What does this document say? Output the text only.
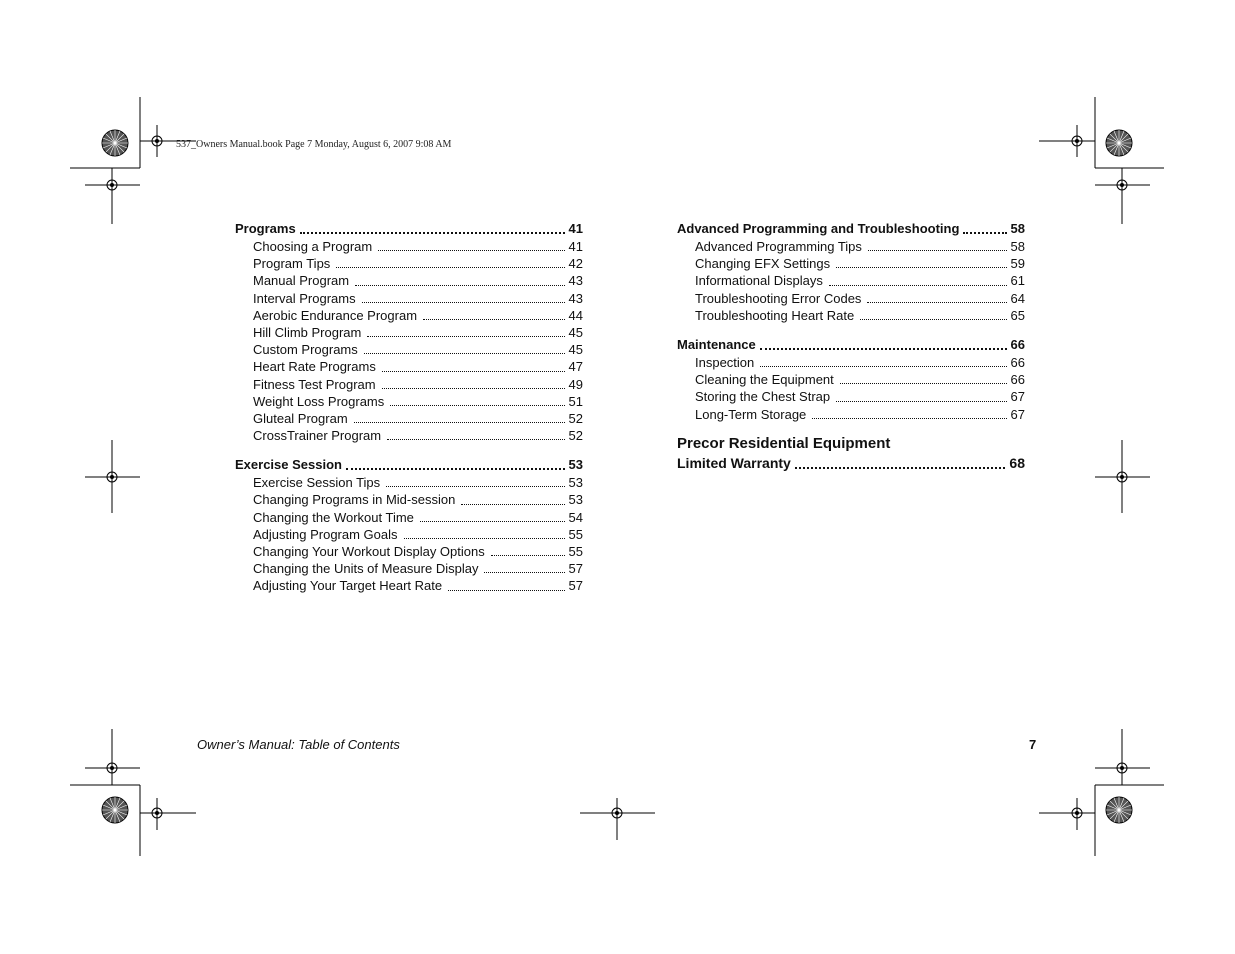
537_Owners Manual.book Page 7 Monday, August 6, 2007 9:08 AM
Programs	41
Choosing a Program	41
Program Tips	42
Manual Program	43
Interval Programs	43
Aerobic Endurance Program	44
Hill Climb Program	45
Custom Programs	45
Heart Rate Programs	47
Fitness Test Program	49
Weight Loss Programs	51
Gluteal Program	52
CrossTrainer Program	52
Exercise Session	53
Exercise Session Tips	53
Changing Programs in Mid-session	53
Changing the Workout Time	54
Adjusting Program Goals	55
Changing Your Workout Display Options	55
Changing the Units of Measure Display	57
Adjusting Your Target Heart Rate	57
Advanced Programming and Troubleshooting	58
Advanced Programming Tips	58
Changing EFX Settings	59
Informational Displays	61
Troubleshooting Error Codes	64
Troubleshooting Heart Rate	65
Maintenance	66
Inspection	66
Cleaning the Equipment	66
Storing the Chest Strap	67
Long-Term Storage	67
Precor Residential Equipment
Limited Warranty	68
Owner’s Manual: Table of Contents	7
